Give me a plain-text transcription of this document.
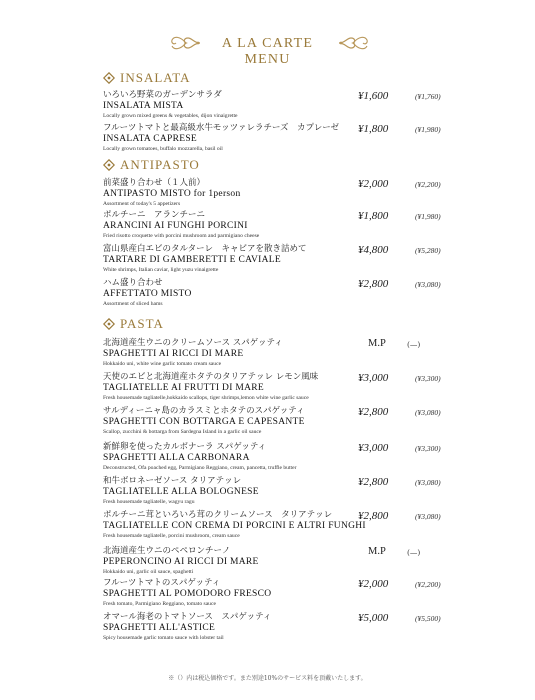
A LA CARTE MENU
INSALATA
いろいろ野菜のガーデンサラダ
INSALATA MISTA
Locally grown mixed greens & vegetables, dijon vinaigrette
¥1,600	(¥1,760)
フルーツトマトと最高級水牛モッツァレラチーズ　カプレーゼ
INSALATA CAPRESE
Locally grown tomatoes, buffalo mozzarella, basil oil
¥1,800	(¥1,980)
ANTIPASTO
前菜盛り合わせ（１人前）
ANTIPASTO MISTO for 1person
Assortment of today's 5 appetizers
¥2,000	(¥2,200)
ポルチーニ　アランチーニ
ARANCINI AI FUNGHI PORCINI
Fried risotto croquette with porcini mushroom and parmigiano cheese
¥1,800	(¥1,980)
富山県産白エビのタルターレ　キャビアを散き詰めて
TARTARE DI GAMBERETTI E CAVIALE
White shrimps, Italian caviar, light yuzu vinaigrette
¥4,800	(¥5,280)
ハム盛り合わせ
AFFETTATO MISTO
Assortment of sliced hams
¥2,800	(¥3,080)
PASTA
北海道産生ウニのクリームソース スパゲッティ
SPAGHETTI AI RICCI DI MARE
Hokkaido uni, white wine garlic tomato cream sauce
M.P	(—)
天使のエビと北海道産ホタテのタリアテッレ レモン風味
TAGLIATELLE AI FRUTTI DI MARE
Fresh housemade tagliatelle,hokkaido scallops, tiger shrimps,lemon white wine garlic sauce
¥3,000	(¥3,300)
サルディーニャ島のカラスミとホタテのスパゲッティ
SPAGHETTI CON BOTTARGA E CAPESANTE
Scallop, zucchini & bottarga from Sardegna Island in a garlic oil sauce
¥2,800	(¥3,080)
新鮮卵を使ったカルボナーラ スパゲッティ
SPAGHETTI ALLA CARBONARA
Deconstructed, Ofa poached egg, Parmigiano Reggiano, cream, pancetta, truffle butter
¥3,000	(¥3,300)
和牛ボロネーゼソース タリアテッレ
TAGLIATELLE ALLA BOLOGNESE
Fresh housemade tagliatelle, wagyu ragu
¥2,800	(¥3,080)
ポルチーニ茸といろいろ茸のクリームソース　タリアテッレ
TAGLIATELLE CON CREMA DI PORCINI E ALTRI FUNGHI
Fresh housemade tagliatelle, porcini mushroom, cream sauce
¥2,800	(¥3,080)
北海道産生ウニのペペロンチーノ
PEPERONCINO AI RICCI DI MARE
Hokkaido uni, garlic oil sauce, spaghetti
M.P	(—)
フルーツトマトのスパゲッティ
SPAGHETTI AL POMODORO FRESCO
Fresh tomato, Parmigiano Reggiano, tomato sauce
¥2,000	(¥2,200)
オマール海老のトマトソース　スパゲッティ
SPAGHETTI ALL'ASTICE
Spicy housemade garlic tomato sauce with lobster tail
¥5,000	(¥5,500)
※（）内は税込価格です。また別途10%のサービス料を頂戴いたします。
